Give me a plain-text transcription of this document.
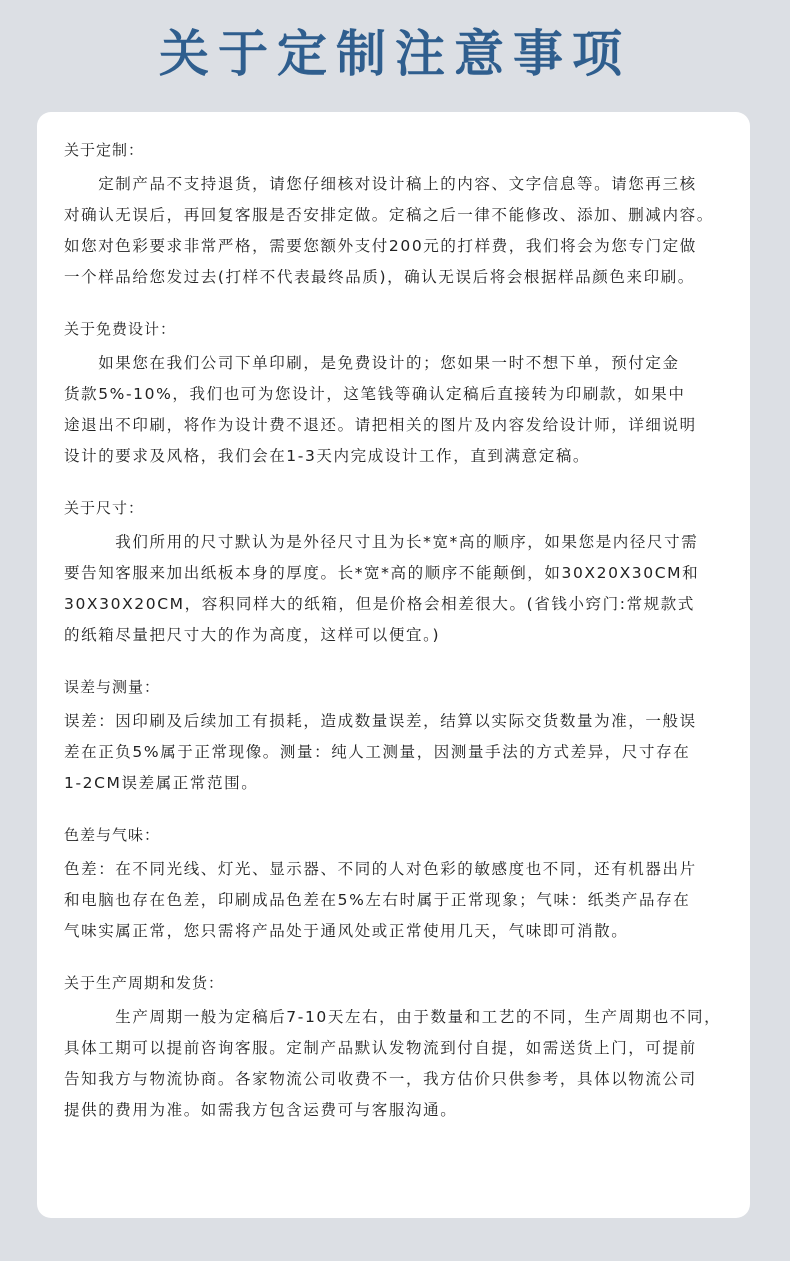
关于定制注意事项
关于定制：

　　定制产品不支持退货，请您仔细核对设计稿上的内容、文字信息等。请您再三核
对确认无误后，再回复客服是否安排定做。定稿之后一律不能修改、添加、删减内容。
如您对色彩要求非常严格，需要您额外支付200元的打样费，我们将会为您专门定做
一个样品给您发过去(打样不代表最终品质)，确认无误后将会根据样品颜色来印刷。

关于免费设计：

　　如果您在我们公司下单印刷，是免费设计的；您如果一时不想下单，预付定金
货款5%-10%，我们也可为您设计，这笔钱等确认定稿后直接转为印刷款，如果中
途退出不印刷，将作为设计费不退还。请把相关的图片及内容发给设计师，详细说明
设计的要求及风格，我们会在1-3天内完成设计工作，直到满意定稿。

关于尺寸：

　　　我们所用的尺寸默认为是外径尺寸且为长*宽*高的顺序，如果您是内径尺寸需
要告知客服来加出纸板本身的厚度。长*宽*高的顺序不能颠倒，如30X20X30CM和
30X30X20CM，容积同样大的纸箱，但是价格会相差很大。(省钱小窍门:常规款式
的纸箱尽量把尺寸大的作为高度，这样可以便宜。)

误差与测量：

误差：因印刷及后续加工有损耗，造成数量误差，结算以实际交货数量为准，一般误
差在正负5%属于正常现像。测量：纯人工测量，因测量手法的方式差异，尺寸存在
1-2CM误差属正常范围。

色差与气味：

色差：在不同光线、灯光、显示器、不同的人对色彩的敏感度也不同，还有机器出片
和电脑也存在色差，印刷成品色差在5%左右时属于正常现象；气味：纸类产品存在
气味实属正常，您只需将产品处于通风处或正常使用几天，气味即可消散。

关于生产周期和发货：

　　　生产周期一般为定稿后7-10天左右，由于数量和工艺的不同，生产周期也不同，
具体工期可以提前咨询客服。定制产品默认发物流到付自提，如需送货上门，可提前
告知我方与物流协商。各家物流公司收费不一，我方估价只供参考，具体以物流公司
提供的费用为准。如需我方包含运费可与客服沟通。
